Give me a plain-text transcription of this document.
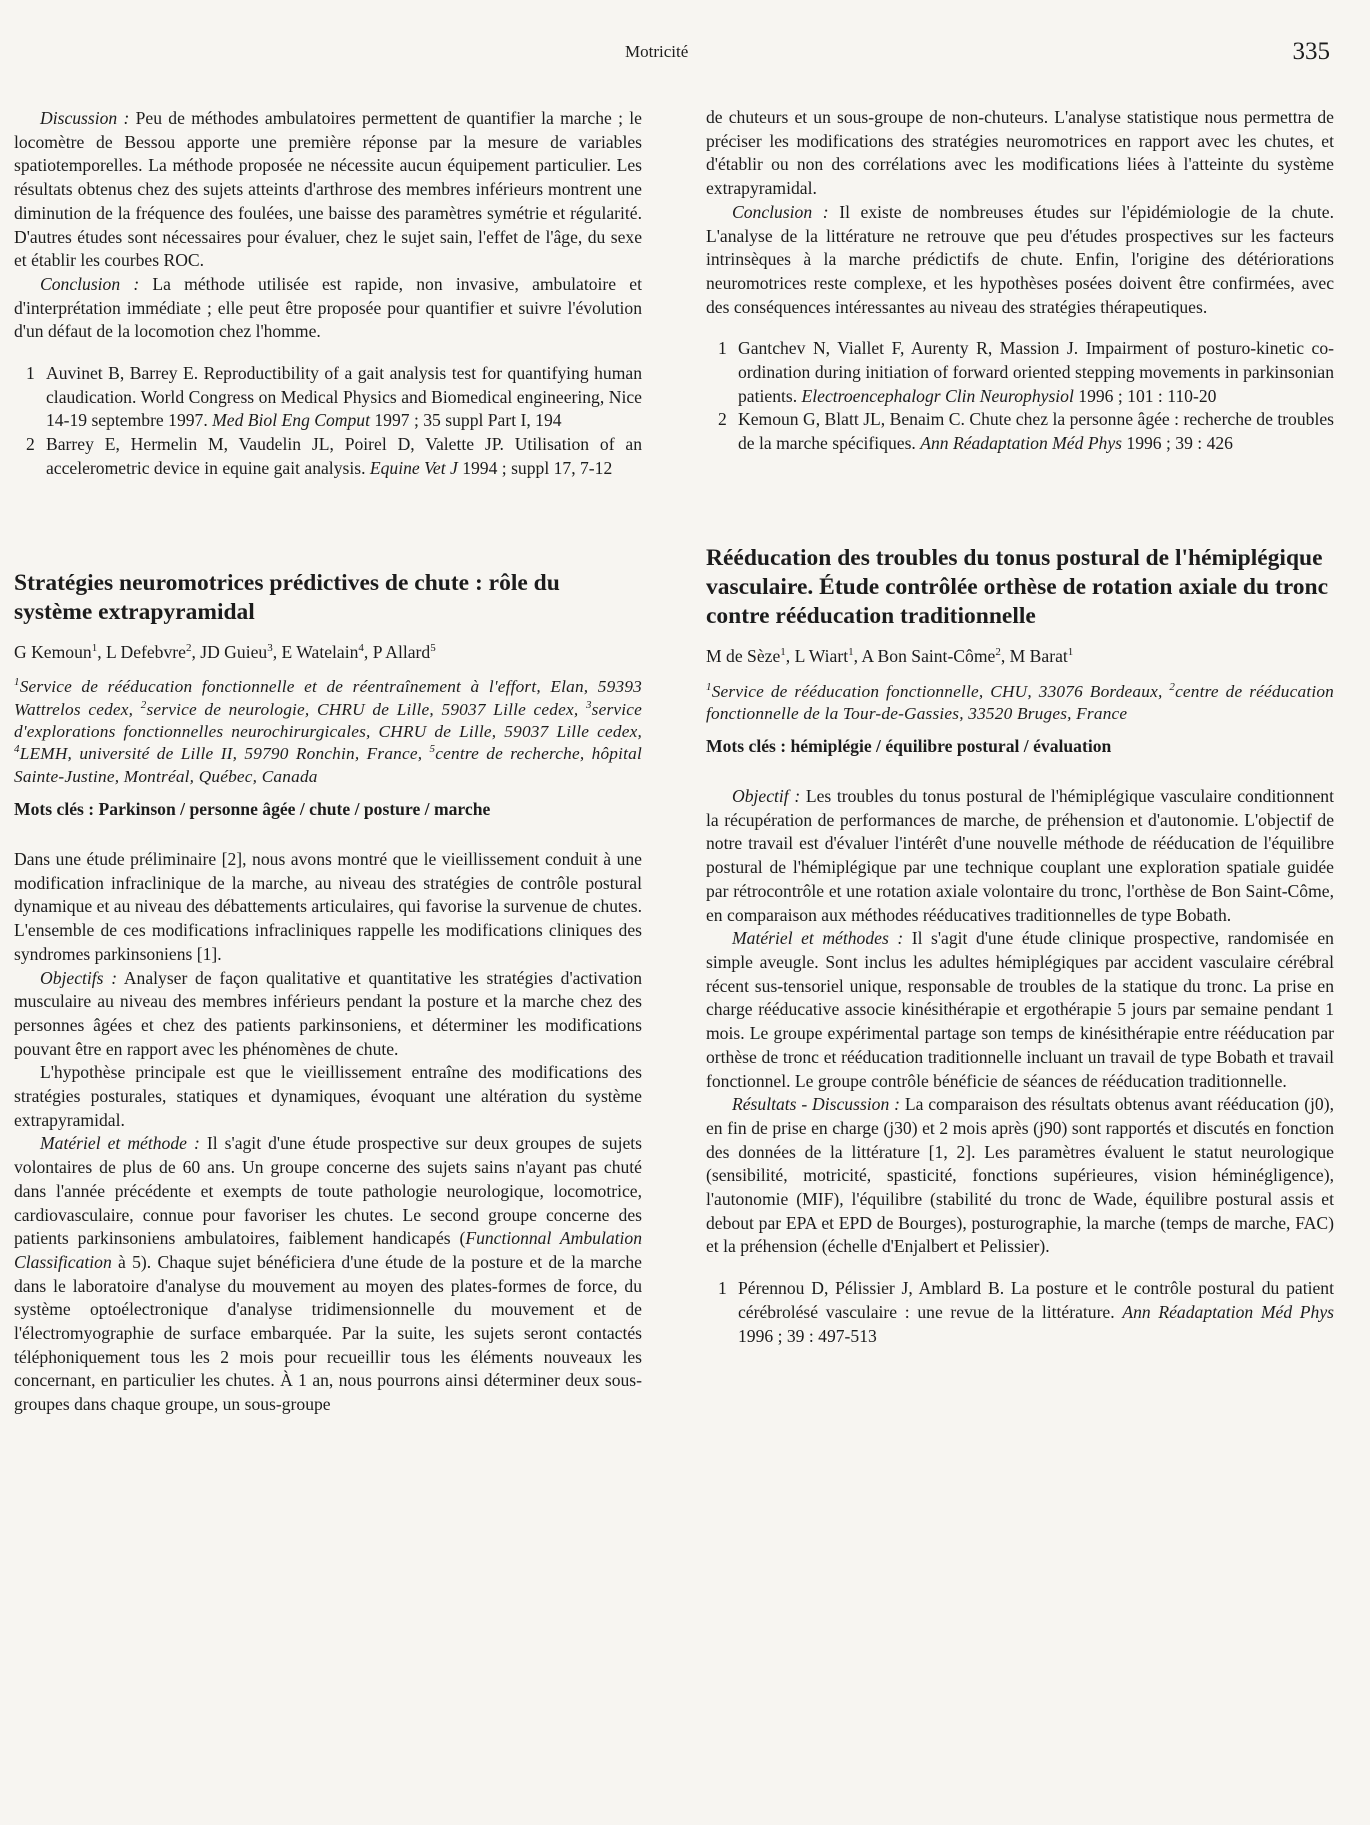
Motricité	335

Discussion : Peu de méthodes ambulatoires permettent de quantifier la marche ; le locomètre de Bessou apporte une première réponse par la mesure de variables spatiotemporelles. La méthode proposée ne nécessite aucun équipement particulier. Les résultats obtenus chez des sujets atteints d'arthrose des membres inférieurs montrent une diminution de la fréquence des foulées, une baisse des paramètres symétrie et régularité. D'autres études sont nécessaires pour évaluer, chez le sujet sain, l'effet de l'âge, du sexe et établir les courbes ROC.

Conclusion : La méthode utilisée est rapide, non invasive, ambulatoire et d'interprétation immédiate ; elle peut être proposée pour quantifier et suivre l'évolution d'un défaut de la locomotion chez l'homme.

1 Auvinet B, Barrey E. Reproductibility of a gait analysis test for quantifying human claudication. World Congress on Medical Physics and Biomedical engineering, Nice 14-19 septembre 1997. Med Biol Eng Comput 1997 ; 35 suppl Part I, 194
2 Barrey E, Hermelin M, Vaudelin JL, Poirel D, Valette JP. Utilisation of an accelerometric device in equine gait analysis. Equine Vet J 1994 ; suppl 17, 7-12
Stratégies neuromotrices prédictives de chute : rôle du système extrapyramidal
G Kemoun$^1$, L Defebvre$^2$, JD Guieu$^3$, E Watelain$^4$, P Allard$^5$
$^1$Service de rééducation fonctionnelle et de réentraînement à l'effort, Elan, 59393 Wattrelos cedex, $^2$service de neurologie, CHRU de Lille, 59037 Lille cedex, $^3$service d'explorations fonctionnelles neurochirurgicales, CHRU de Lille, 59037 Lille cedex, $^4$LEMH, université de Lille II, 59790 Ronchin, France, $^5$centre de recherche, hôpital Sainte-Justine, Montréal, Québec, Canada
Mots clés : Parkinson / personne âgée / chute / posture / marche

Dans une étude préliminaire [2], nous avons montré que le vieillissement conduit à une modification infraclinique de la marche, au niveau des stratégies de contrôle postural dynamique et au niveau des débattements articulaires, qui favorise la survenue de chutes. L'ensemble de ces modifications infracliniques rappelle les modifications cliniques des syndromes parkinsoniens [1].

Objectifs : Analyser de façon qualitative et quantitative les stratégies d'activation musculaire au niveau des membres inférieurs pendant la posture et la marche chez des personnes âgées et chez des patients parkinsoniens, et déterminer les modifications pouvant être en rapport avec les phénomènes de chute.

L'hypothèse principale est que le vieillissement entraîne des modifications des stratégies posturales, statiques et dynamiques, évoquant une altération du système extrapyramidal.

Matériel et méthode : Il s'agit d'une étude prospective sur deux groupes de sujets volontaires de plus de 60 ans. Un groupe concerne des sujets sains n'ayant pas chuté dans l'année précédente et exempts de toute pathologie neurologique, locomotrice, cardiovasculaire, connue pour favoriser les chutes. Le second groupe concerne des patients parkinsoniens ambulatoires, faiblement handicapés (Functionnal Ambulation Classification à 5). Chaque sujet bénéficiera d'une étude de la posture et de la marche dans le laboratoire d'analyse du mouvement au moyen des plates-formes de force, du système optoélectronique d'analyse tridimensionnelle du mouvement et de l'électromyographie de surface embarquée. Par la suite, les sujets seront contactés téléphoniquement tous les 2 mois pour recueillir tous les éléments nouveaux les concernant, en particulier les chutes. À 1 an, nous pourrons ainsi déterminer deux sous-groupes dans chaque groupe, un sous-groupe

de chuteurs et un sous-groupe de non-chuteurs. L'analyse statistique nous permettra de préciser les modifications des stratégies neuromotrices en rapport avec les chutes, et d'établir ou non des corrélations avec les modifications liées à l'atteinte du système extrapyramidal.

Conclusion : Il existe de nombreuses études sur l'épidémiologie de la chute. L'analyse de la littérature ne retrouve que peu d'études prospectives sur les facteurs intrinsèques à la marche prédictifs de chute. Enfin, l'origine des détériorations neuromotrices reste complexe, et les hypothèses posées doivent être confirmées, avec des conséquences intéressantes au niveau des stratégies thérapeutiques.

1 Gantchev N, Viallet F, Aurenty R, Massion J. Impairment of posturo-kinetic co-ordination during initiation of forward oriented stepping movements in parkinsonian patients. Electroencephalogr Clin Neurophysiol 1996 ; 101 : 110-20
2 Kemoun G, Blatt JL, Benaim C. Chute chez la personne âgée : recherche de troubles de la marche spécifiques. Ann Réadaptation Méd Phys 1996 ; 39 : 426
Rééducation des troubles du tonus postural de l'hémiplégique vasculaire. Étude contrôlée orthèse de rotation axiale du tronc contre rééducation traditionnelle
M de Sèze$^1$, L Wiart$^1$, A Bon Saint-Côme$^2$, M Barat$^1$
$^1$Service de rééducation fonctionnelle, CHU, 33076 Bordeaux, $^2$centre de rééducation fonctionnelle de la Tour-de-Gassies, 33520 Bruges, France
Mots clés : hémiplégie / équilibre postural / évaluation

Objectif : Les troubles du tonus postural de l'hémiplégique vasculaire conditionnent la récupération de performances de marche, de préhension et d'autonomie. L'objectif de notre travail est d'évaluer l'intérêt d'une nouvelle méthode de rééducation de l'équilibre postural de l'hémiplégique par une technique couplant une exploration spatiale guidée par rétrocontrôle et une rotation axiale volontaire du tronc, l'orthèse de Bon Saint-Côme, en comparaison aux méthodes rééducatives traditionnelles de type Bobath.

Matériel et méthodes : Il s'agit d'une étude clinique prospective, randomisée en simple aveugle. Sont inclus les adultes hémiplégiques par accident vasculaire cérébral récent sus-tensoriel unique, responsable de troubles de la statique du tronc. La prise en charge rééducative associe kinésithérapie et ergothérapie 5 jours par semaine pendant 1 mois. Le groupe expérimental partage son temps de kinésithérapie entre rééducation par orthèse de tronc et rééducation traditionnelle incluant un travail de type Bobath et travail fonctionnel. Le groupe contrôle bénéficie de séances de rééducation traditionnelle.

Résultats - Discussion : La comparaison des résultats obtenus avant rééducation (j0), en fin de prise en charge (j30) et 2 mois après (j90) sont rapportés et discutés en fonction des données de la littérature [1, 2]. Les paramètres évaluent le statut neurologique (sensibilité, motricité, spasticité, fonctions supérieures, vision héminégligence), l'autonomie (MIF), l'équilibre (stabilité du tronc de Wade, équilibre postural assis et debout par EPA et EPD de Bourges), posturographie, la marche (temps de marche, FAC) et la préhension (échelle d'Enjalbert et Pelissier).

1 Pérennou D, Pélissier J, Amblard B. La posture et le contrôle postural du patient cérébrolésé vasculaire : une revue de la littérature. Ann Réadaptation Méd Phys 1996 ; 39 : 497-513
